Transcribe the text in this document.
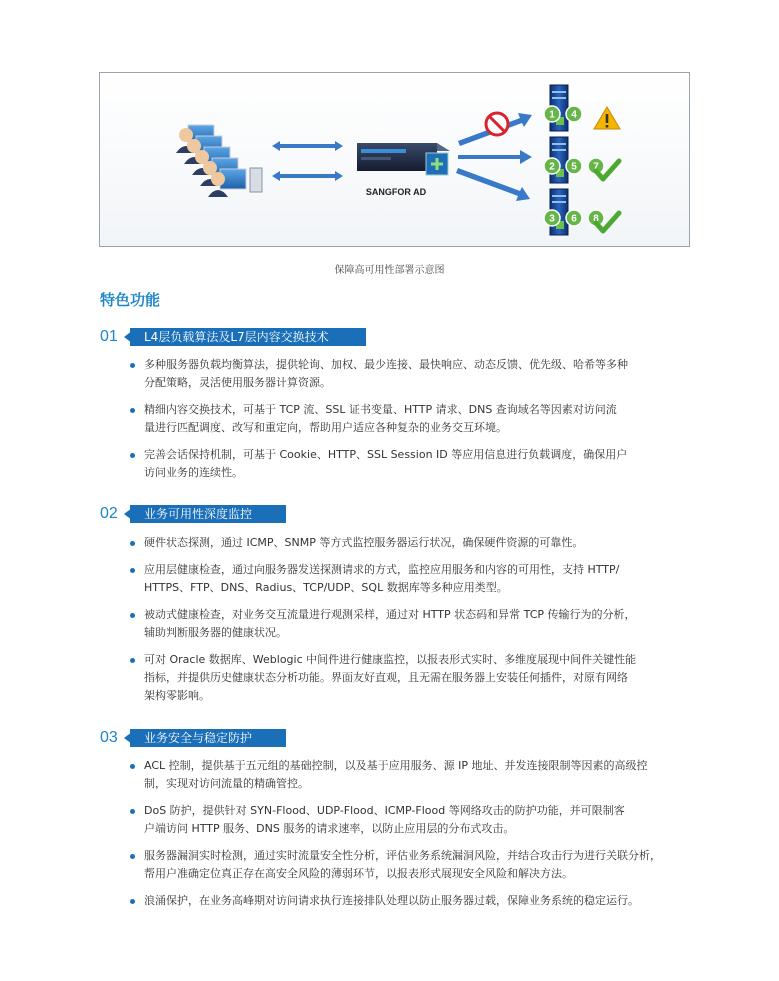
SANGFOR AD
1 4
2 5 7
3 6 8
保障高可用性部署示意图
特色功能
01	L4层负载算法及L7层内容交换技术
多种服务器负载均衡算法，提供轮询、加权、最少连接、最快响应、动态反馈、优先级、哈希等多种
分配策略，灵活使用服务器计算资源。
精细内容交换技术，可基于 TCP 流、SSL 证书变量、HTTP 请求、DNS 查询域名等因素对访问流
量进行匹配调度、改写和重定向，帮助用户适应各种复杂的业务交互环境。
完善会话保持机制，可基于 Cookie、HTTP、SSL Session ID 等应用信息进行负载调度，确保用户
访问业务的连续性。
02	业务可用性深度监控
硬件状态探测，通过 ICMP、SNMP 等方式监控服务器运行状况，确保硬件资源的可靠性。
应用层健康检查，通过向服务器发送探测请求的方式，监控应用服务和内容的可用性，支持 HTTP/
HTTPS、FTP、DNS、Radius、TCP/UDP、SQL 数据库等多种应用类型。
被动式健康检查，对业务交互流量进行观测采样，通过对 HTTP 状态码和异常 TCP 传输行为的分析，
辅助判断服务器的健康状况。
可对 Oracle 数据库、Weblogic 中间件进行健康监控，以报表形式实时、多维度展现中间件关键性能
指标，并提供历史健康状态分析功能。界面友好直观，且无需在服务器上安装任何插件，对原有网络
架构零影响。
03	业务安全与稳定防护
ACL 控制，提供基于五元组的基础控制，以及基于应用服务、源 IP 地址、并发连接限制等因素的高级控
制，实现对访问流量的精确管控。
DoS 防护，提供针对 SYN-Flood、UDP-Flood、ICMP-Flood 等网络攻击的防护功能，并可限制客
户端访问 HTTP 服务、DNS 服务的请求速率，以防止应用层的分布式攻击。
服务器漏洞实时检测，通过实时流量安全性分析，评估业务系统漏洞风险，并结合攻击行为进行关联分析，
帮用户准确定位真正存在高安全风险的薄弱环节，以报表形式展现安全风险和解决方法。
浪涌保护，在业务高峰期对访问请求执行连接排队处理以防止服务器过载，保障业务系统的稳定运行。
